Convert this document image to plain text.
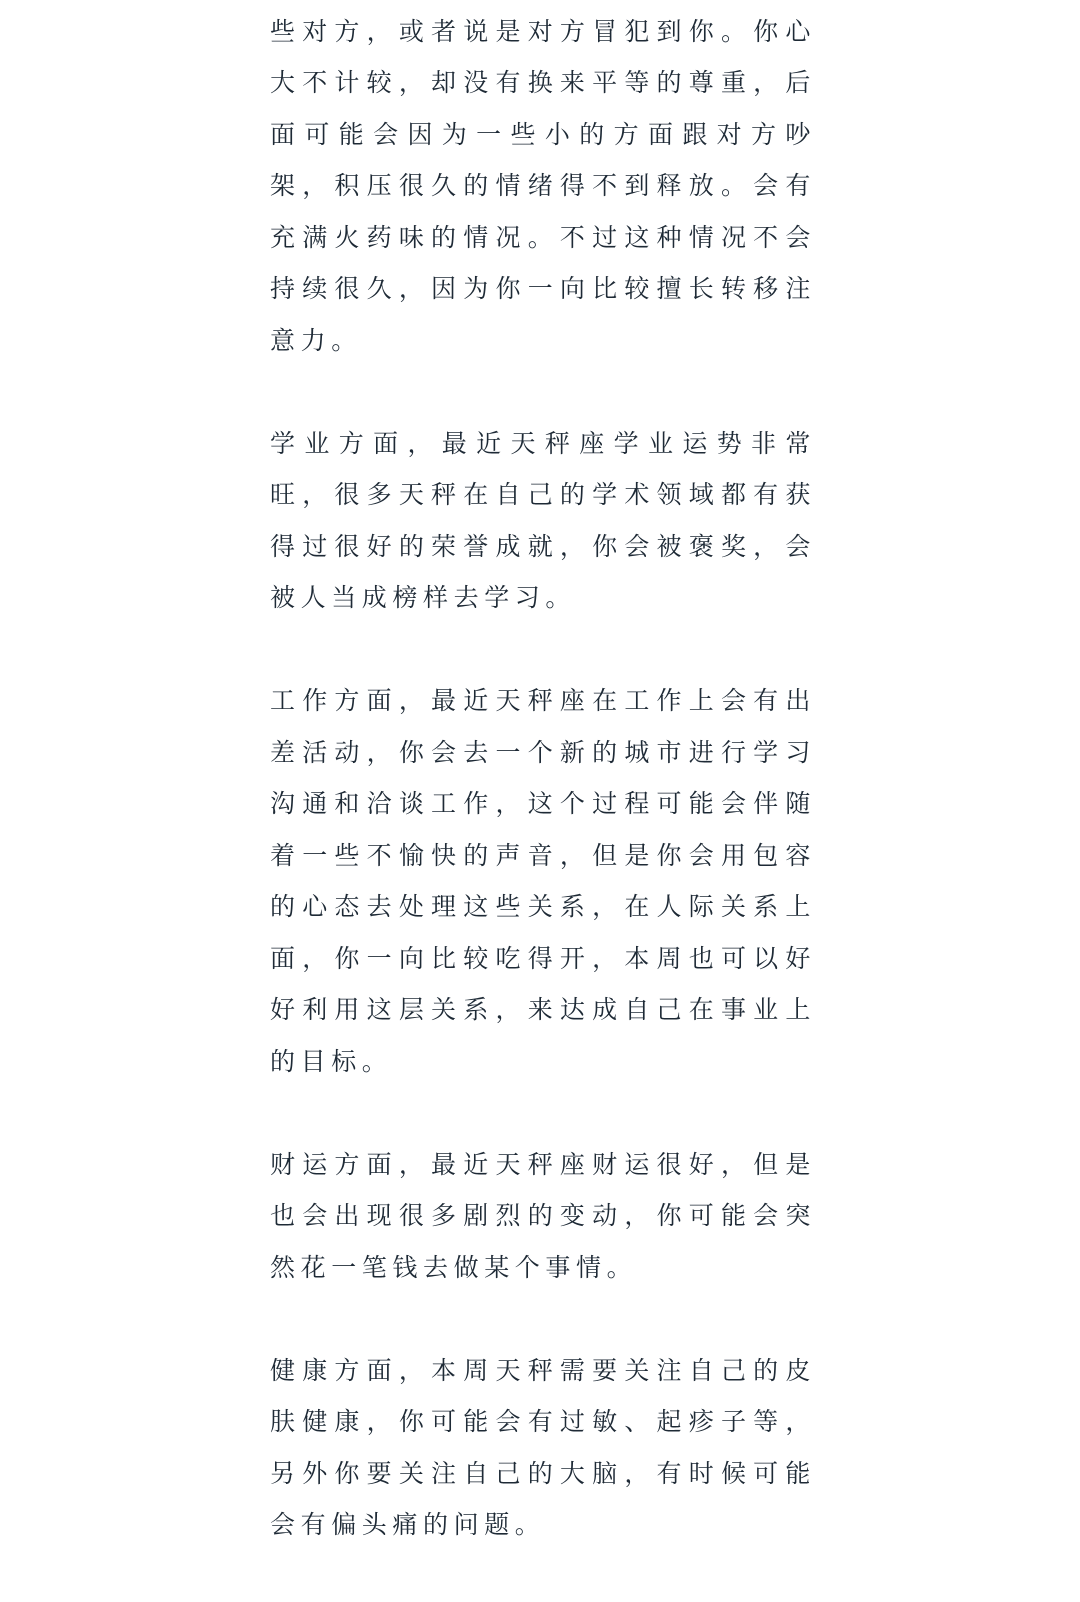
些对方，或者说是对方冒犯到你。你心大不计较，却没有换来平等的尊重，后面可能会因为一些小的方面跟对方吵架，积压很久的情绪得不到释放。会有充满火药味的情况。不过这种情况不会持续很久，因为你一向比较擅长转移注意力。

学业方面，最近天秤座学业运势非常旺，很多天秤在自己的学术领域都有获得过很好的荣誉成就，你会被褒奖，会被人当成榜样去学习。

工作方面，最近天秤座在工作上会有出差活动，你会去一个新的城市进行学习沟通和洽谈工作，这个过程可能会伴随着一些不愉快的声音，但是你会用包容的心态去处理这些关系，在人际关系上面，你一向比较吃得开，本周也可以好好利用这层关系，来达成自己在事业上的目标。

财运方面，最近天秤座财运很好，但是也会出现很多剧烈的变动，你可能会突然花一笔钱去做某个事情。

健康方面，本周天秤需要关注自己的皮肤健康，你可能会有过敏、起疹子等，另外你要关注自己的大脑，有时候可能会有偏头痛的问题。
